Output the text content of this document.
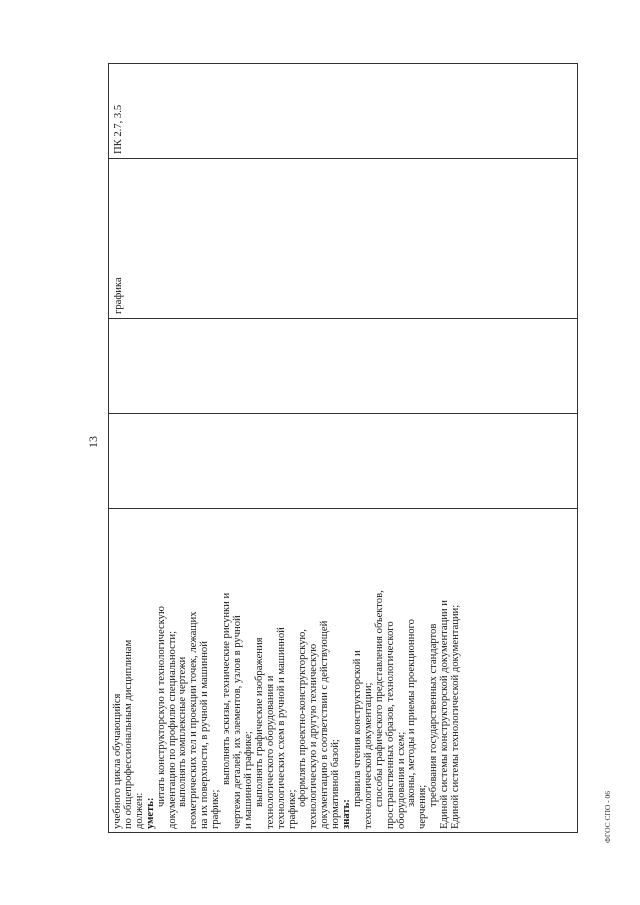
13
учебного цикла обучающийся по общепрофессиональным дисциплинам должен: уметь:
читать конструкторскую и технологическую документацию по профилю специальности; выполнять комплексные чертежи геометрических тел и проекции точек, лежащих на их поверхности, в ручной и машинной графике;
выполнять эскизы, технические рисунки и чертежи деталей, их элементов, узлов в ручной и машинной графике; выполнять графические изображения технологического оборудования и технологических схем в ручной и машинной графике;
оформлять проектно-конструкторскую, технологическую и другую техническую документацию в соответствии с действующей нормативной базой; знать:
правила чтения конструкторской и технологической документации; способы графического представления объектов, пространственных образов, технологического оборудования и схем; законы, методы и приемы проекционного черчения; требования государственных стандартов Единой системы конструкторской документации и Единой системы технологической документации;
графика
ПК 2.7, 3.5
ФГОС СПО - 06
